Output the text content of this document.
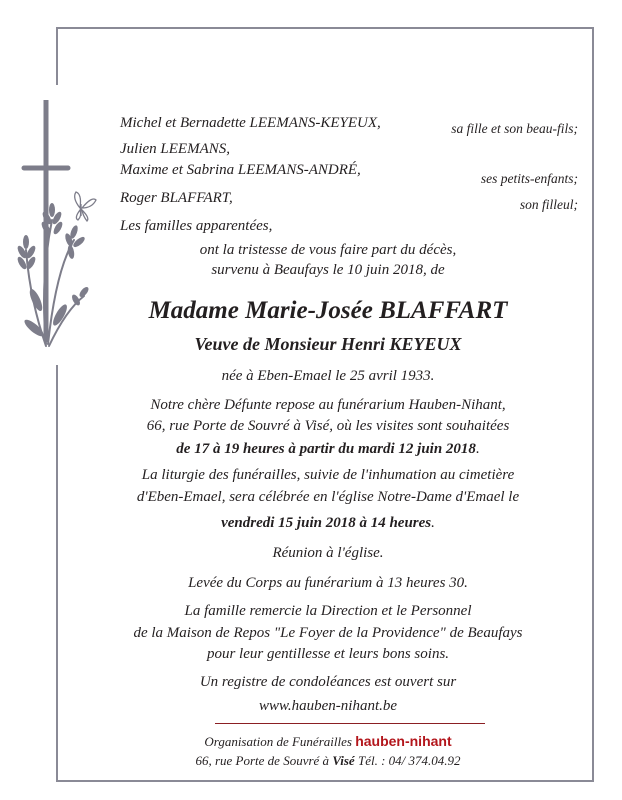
Michel et Bernadette LEEMANS-KEYEUX,
Julien LEEMANS,
Maxime et Sabrina LEEMANS-ANDRÉ,
Roger BLAFFART,
Les familles apparentées,
sa fille et son beau-fils;
ses petits-enfants;
son filleul;
ont la tristesse de vous faire part du décès,
survenu à Beaufays le 10 juin 2018, de
Madame Marie-Josée BLAFFART
Veuve de Monsieur Henri KEYEUX
née à Eben-Emael le 25 avril 1933.
Notre chère Défunte repose au funérarium Hauben-Nihant,
66, rue Porte de Souvré à Visé, où les visites sont souhaitées
de 17 à 19 heures à partir du mardi 12 juin 2018.
La liturgie des funérailles, suivie de l'inhumation au cimetière
d'Eben-Emael, sera célébrée en l'église Notre-Dame d'Emael le
vendredi 15 juin 2018 à 14 heures.
Réunion à l'église.
Levée du Corps au funérarium à 13 heures 30.
La famille remercie la Direction et le Personnel
de la Maison de Repos "Le Foyer de la Providence" de Beaufays
pour leur gentillesse et leurs bons soins.
Un registre de condoléances est ouvert sur
www.hauben-nihant.be
Organisation de Funérailles hauben-nihant
66, rue Porte de Souvré à Visé Tél. : 04/ 374.04.92
